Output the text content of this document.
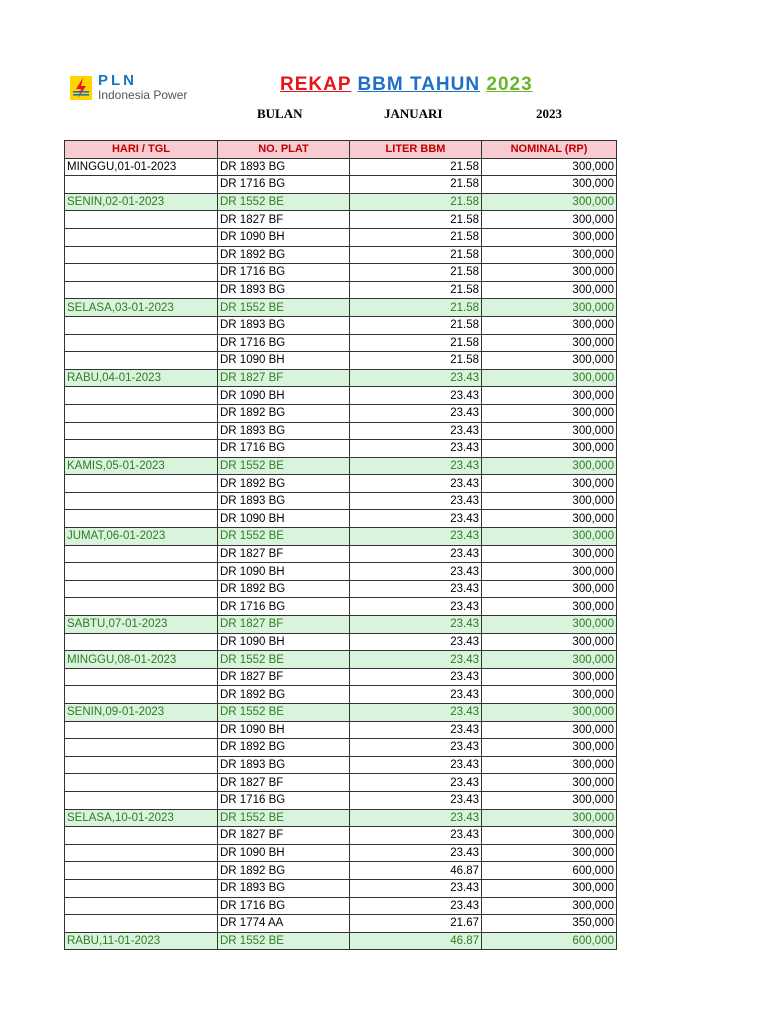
PLN
Indonesia Power	REKAP BBM TAHUN 2023
BULAN	JANUARI	2023
HARI / TGL	NO. PLAT	LITER BBM	NOMINAL (RP)
MINGGU,01-01-2023	DR 1893 BG	21.58	300,000
	DR 1716 BG	21.58	300,000
SENIN,02-01-2023	DR 1552 BE	21.58	300,000
	DR 1827 BF	21.58	300,000
	DR 1090 BH	21.58	300,000
	DR 1892 BG	21.58	300,000
	DR 1716 BG	21.58	300,000
	DR 1893 BG	21.58	300,000
SELASA,03-01-2023	DR 1552 BE	21.58	300,000
	DR 1893 BG	21.58	300,000
	DR 1716 BG	21.58	300,000
	DR 1090 BH	21.58	300,000
RABU,04-01-2023	DR 1827 BF	23.43	300,000
	DR 1090 BH	23.43	300,000
	DR 1892 BG	23.43	300,000
	DR 1893 BG	23.43	300,000
	DR 1716 BG	23.43	300,000
KAMIS,05-01-2023	DR 1552 BE	23.43	300,000
	DR 1892 BG	23.43	300,000
	DR 1893 BG	23.43	300,000
	DR 1090 BH	23.43	300,000
JUMAT,06-01-2023	DR 1552 BE	23.43	300,000
	DR 1827 BF	23.43	300,000
	DR 1090 BH	23.43	300,000
	DR 1892 BG	23.43	300,000
	DR 1716 BG	23.43	300,000
SABTU,07-01-2023	DR 1827 BF	23.43	300,000
	DR 1090 BH	23.43	300,000
MINGGU,08-01-2023	DR 1552 BE	23.43	300,000
	DR 1827 BF	23.43	300,000
	DR 1892 BG	23.43	300,000
SENIN,09-01-2023	DR 1552 BE	23.43	300,000
	DR 1090 BH	23.43	300,000
	DR 1892 BG	23.43	300,000
	DR 1893 BG	23.43	300,000
	DR 1827 BF	23.43	300,000
	DR 1716 BG	23.43	300,000
SELASA,10-01-2023	DR 1552 BE	23.43	300,000
	DR 1827 BF	23.43	300,000
	DR 1090 BH	23.43	300,000
	DR 1892 BG	46.87	600,000
	DR 1893 BG	23.43	300,000
	DR 1716 BG	23.43	300,000
	DR 1774 AA	21.67	350,000
RABU,11-01-2023	DR 1552 BE	46.87	600,000
